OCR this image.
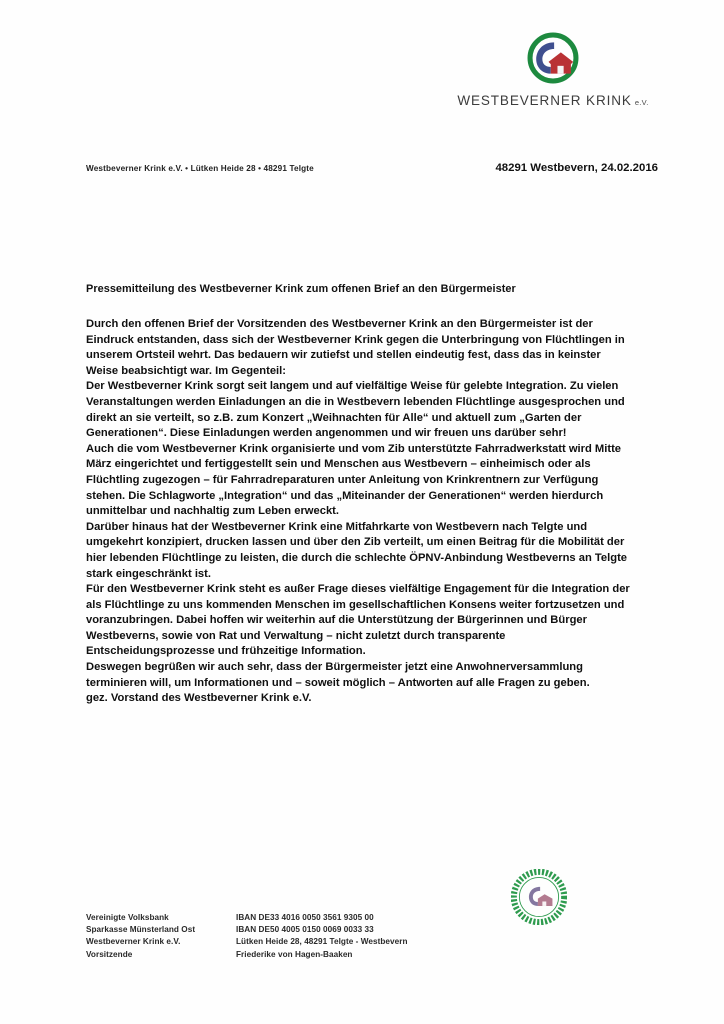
WESTBEVERNER KRINK e.V.
Westbeverner Krink e.V. • Lütken Heide 28 • 48291 Telgte	48291 Westbevern, 24.02.2016
Pressemitteilung des Westbeverner Krink zum offenen Brief an den Bürgermeister

Durch den offenen Brief der Vorsitzenden des Westbeverner Krink an den Bürgermeister ist der Eindruck entstanden, dass sich der Westbeverner Krink gegen die Unterbringung von Flüchtlingen in unserem Ortsteil wehrt. Das bedauern wir zutiefst und stellen eindeutig fest, dass das in keinster Weise beabsichtigt war. Im Gegenteil:

Der Westbeverner Krink sorgt seit langem und auf vielfältige Weise für gelebte Integration. Zu vielen Veranstaltungen werden Einladungen an die in Westbevern lebenden Flüchtlinge ausgesprochen und direkt an sie verteilt, so z.B. zum Konzert „Weihnachten für Alle“ und aktuell zum „Garten der Generationen“. Diese Einladungen werden angenommen und wir freuen uns darüber sehr!

Auch die vom Westbeverner Krink organisierte und vom Zib unterstützte Fahrradwerkstatt wird Mitte März eingerichtet und fertiggestellt sein und Menschen aus Westbevern – einheimisch oder als Flüchtling zugezogen – für Fahrradreparaturen unter Anleitung von Krinkrentnern zur Verfügung stehen. Die Schlagworte „Integration“ und das „Miteinander der Generationen“ werden hierdurch unmittelbar und nachhaltig zum Leben erweckt.

Darüber hinaus hat der Westbeverner Krink eine Mitfahrkarte von Westbevern nach Telgte und umgekehrt konzipiert, drucken lassen und über den Zib verteilt, um einen Beitrag für die Mobilität der hier lebenden Flüchtlinge zu leisten, die durch die schlechte ÖPNV-Anbindung Westbeverns an Telgte stark eingeschränkt ist.

Für den Westbeverner Krink steht es außer Frage dieses vielfältige Engagement für die Integration der als Flüchtlinge zu uns kommenden Menschen im gesellschaftlichen Konsens weiter fortzusetzen und voranzubringen. Dabei hoffen wir weiterhin auf die Unterstützung der Bürgerinnen und Bürger Westbeverns, sowie von Rat und Verwaltung – nicht zuletzt durch transparente Entscheidungsprozesse und frühzeitige Information.

Deswegen begrüßen wir auch sehr, dass der Bürgermeister jetzt eine Anwohnerversammlung terminieren will, um Informationen und – soweit möglich – Antworten auf alle Fragen zu geben.

gez. Vorstand des Westbeverner Krink e.V.

Vereinigte Volksbank
Sparkasse Münsterland Ost
Westbeverner Krink e.V.
Vorsitzende
IBAN DE33 4016 0050 3561 9305 00
IBAN DE50 4005 0150 0069 0033 33
Lütken Heide 28, 48291 Telgte - Westbevern
Friederike von Hagen-Baaken
